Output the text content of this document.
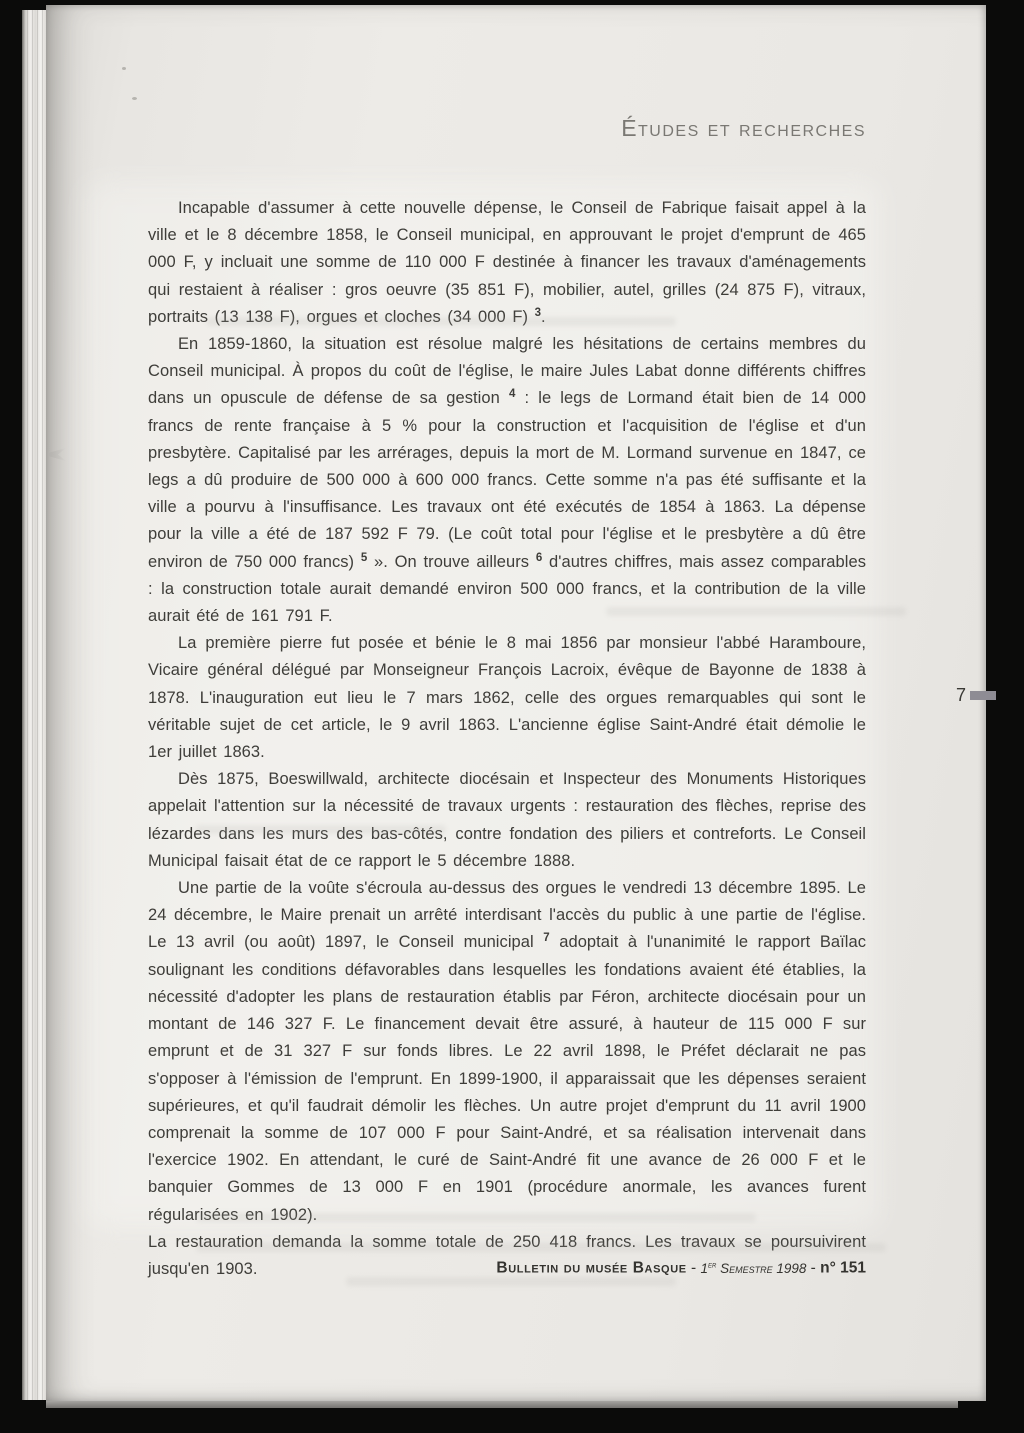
Études et recherches

Incapable d'assumer à cette nouvelle dépense, le Conseil de Fabrique faisait appel à la ville et le 8 décembre 1858, le Conseil municipal, en approuvant le projet d'emprunt de 465 000 F, y incluait une somme de 110 000 F destinée à financer les travaux d'aménagements qui restaient à réaliser : gros oeuvre (35 851 F), mobilier, autel, grilles (24 875 F), vitraux, portraits (13 138 F), orgues et cloches (34 000 F) $^3$.

En 1859-1860, la situation est résolue malgré les hésitations de certains membres du Conseil municipal. À propos du coût de l'église, le maire Jules Labat donne différents chiffres dans un opuscule de défense de sa gestion $^4$ : le legs de Lormand était bien de 14 000 francs de rente française à 5 % pour la construction et l'acquisition de l'église et d'un presbytère. Capitalisé par les arrérages, depuis la mort de M. Lormand survenue en 1847, ce legs a dû produire de 500 000 à 600 000 francs. Cette somme n'a pas été suffisante et la ville a pourvu à l'insuffisance. Les travaux ont été exécutés de 1854 à 1863. La dépense pour la ville a été de 187 592 F 79. (Le coût total pour l'église et le presbytère a dû être environ de 750 000 francs) $^5$ ». On trouve ailleurs $^6$ d'autres chiffres, mais assez comparables : la construction totale aurait demandé environ 500 000 francs, et la contribution de la ville aurait été de 161 791 F.

La première pierre fut posée et bénie le 8 mai 1856 par monsieur l'abbé Haramboure, Vicaire général délégué par Monseigneur François Lacroix, évêque de Bayonne de 1838 à 1878. L'inauguration eut lieu le 7 mars 1862, celle des orgues remarquables qui sont le véritable sujet de cet article, le 9 avril 1863. L'ancienne église Saint-André était démolie le 1er juillet 1863.

Dès 1875, Boeswillwald, architecte diocésain et Inspecteur des Monuments Historiques appelait l'attention sur la nécessité de travaux urgents : restauration des flèches, reprise des lézardes dans les murs des bas-côtés, contre fondation des piliers et contreforts. Le Conseil Municipal faisait état de ce rapport le 5 décembre 1888.

Une partie de la voûte s'écroula au-dessus des orgues le vendredi 13 décembre 1895. Le 24 décembre, le Maire prenait un arrêté interdisant l'accès du public à une partie de l'église. Le 13 avril (ou août) 1897, le Conseil municipal $^7$ adoptait à l'unanimité le rapport Baïlac soulignant les conditions défavorables dans lesquelles les fondations avaient été établies, la nécessité d'adopter les plans de restauration établis par Féron, architecte diocésain pour un montant de 146 327 F. Le financement devait être assuré, à hauteur de 115 000 F sur emprunt et de 31 327 F sur fonds libres. Le 22 avril 1898, le Préfet déclarait ne pas s'opposer à l'émission de l'emprunt. En 1899-1900, il apparaissait que les dépenses seraient supérieures, et qu'il faudrait démolir les flèches. Un autre projet d'emprunt du 11 avril 1900 comprenait la somme de 107 000 F pour Saint-André, et sa réalisation intervenait dans l'exercice 1902. En attendant, le curé de Saint-André fit une avance de 26 000 F et le banquier Gommes de 13 000 F en 1901 (procédure anormale, les avances furent régularisées en 1902).

La restauration demanda la somme totale de 250 418 francs. Les travaux se poursuivirent jusqu'en 1903.	Bulletin du musée Basque - 1er Semestre 1998 - n° 151
7
